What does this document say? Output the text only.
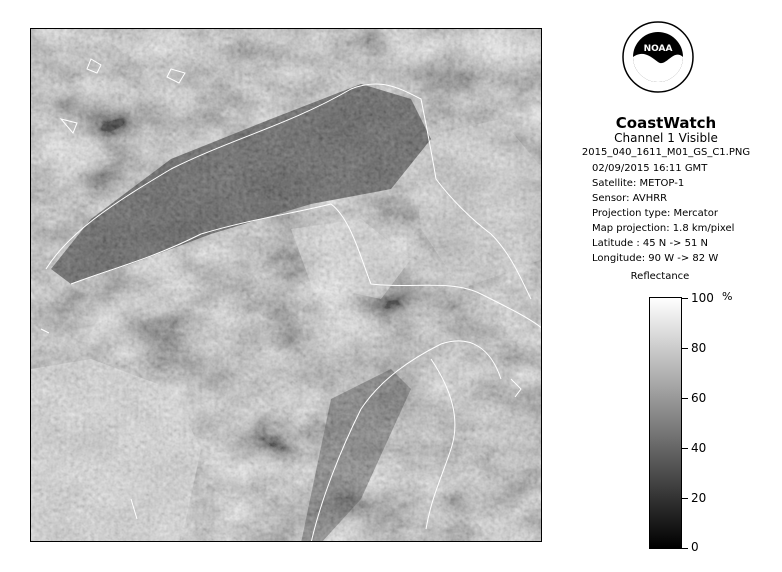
NOAA
CoastWatch
Channel 1 Visible
2015_040_1611_M01_GS_C1.PNG
02/09/2015 16:11 GMT
Satellite: METOP-1
Sensor: AVHRR
Projection type: Mercator
Map projection: 1.8 km/pixel
Latitude : 45 N -> 51 N
Longitude: 90 W -> 82 W
Reflectance
%
100
80
60
40
20
0
